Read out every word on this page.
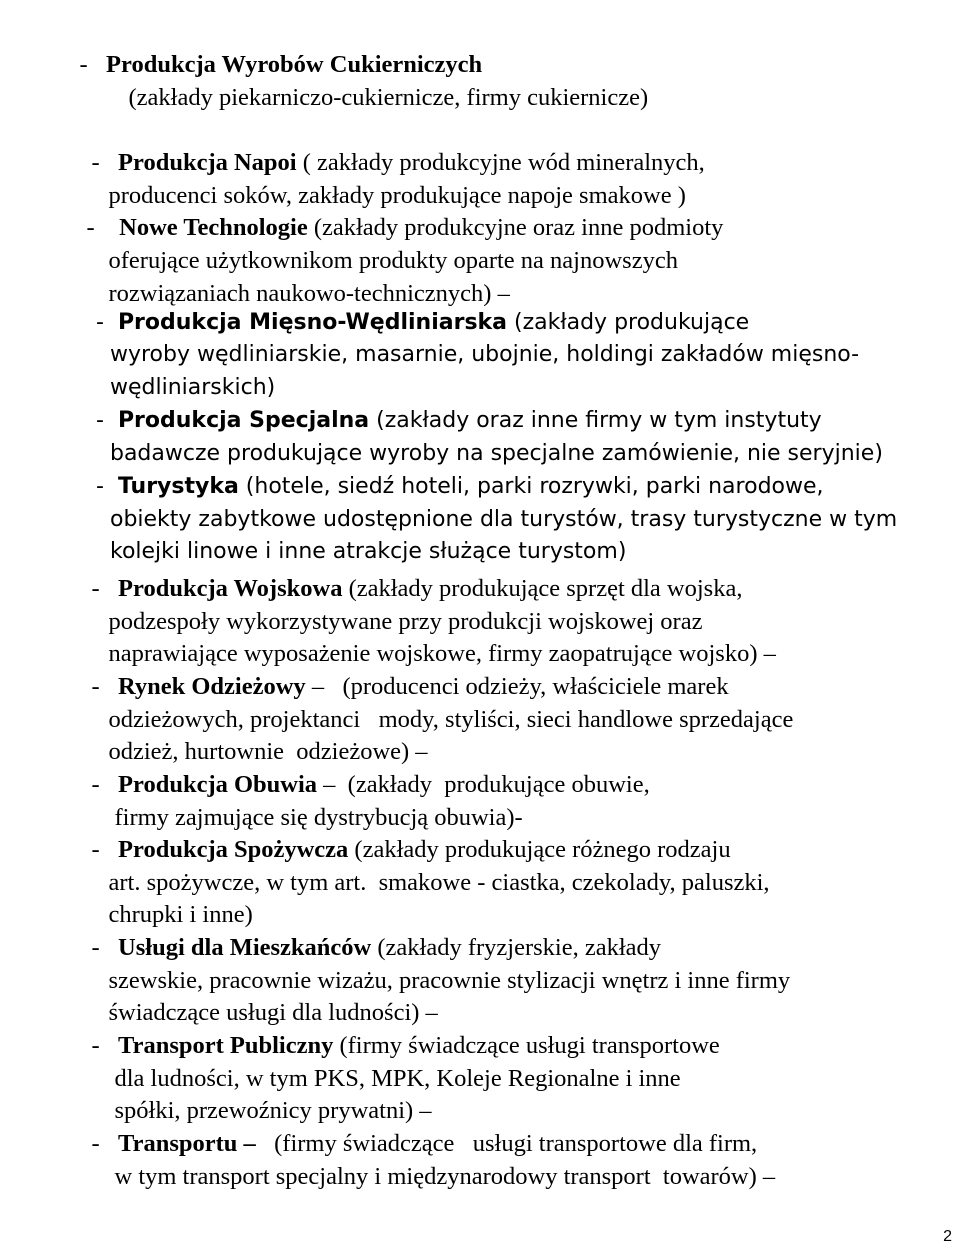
- Produkcja Wyrobów Cukierniczych

(zakłady piekarniczo-cukiernicze, firmy cukiernicze)

- Produkcja Napoi ( zakłady produkcyjne wód mineralnych,

producenci soków, zakłady produkujące napoje smakowe )

- Nowe Technologie (zakłady produkcyjne oraz inne podmioty

oferujące użytkownikom produkty oparte na najnowszych

rozwiązaniach naukowo-technicznych) –

- Produkcja Mięsno-Wędliniarska (zakłady produkujące

wyroby wędliniarskie, masarnie, ubojnie, holdingi zakładów mięsno-

wędliniarskich)

- Produkcja Specjalna (zakłady oraz inne firmy w tym instytuty

badawcze produkujące wyroby na specjalne zamówienie, nie seryjnie)

- Turystyka (hotele, siedź hoteli, parki rozrywki, parki narodowe,

obiekty zabytkowe udostępnione dla turystów, trasy turystyczne w tym

kolejki linowe i inne atrakcje służące turystom)

- Produkcja Wojskowa (zakłady produkujące sprzęt dla wojska,

podzespoły wykorzystywane przy produkcji wojskowej oraz

naprawiające wyposażenie wojskowe, firmy zaopatrujące wojsko) –

- Rynek Odzieżowy –   (producenci odzieży, właściciele marek

odzieżowych, projektanci   mody, styliści, sieci handlowe sprzedające

odzież, hurtownie  odzieżowe) –

- Produkcja Obuwia –  (zakłady  produkujące obuwie,

firmy zajmujące się dystrybucją obuwia)-

- Produkcja Spożywcza (zakłady produkujące różnego rodzaju

art. spożywcze, w tym art.  smakowe - ciastka, czekolady, paluszki,

chrupki i inne)

- Usługi dla Mieszkańców (zakłady fryzjerskie, zakłady

szewskie, pracownie wizażu, pracownie stylizacji wnętrz i inne firmy

świadczące usługi dla ludności) –

- Transport Publiczny (firmy świadczące usługi transportowe

dla ludności, w tym PKS, MPK, Koleje Regionalne i inne

spółki, przewoźnicy prywatni) –

- Transportu –   (firmy świadczące   usługi transportowe dla firm,

w tym transport specjalny i międzynarodowy transport  towarów) –

2
